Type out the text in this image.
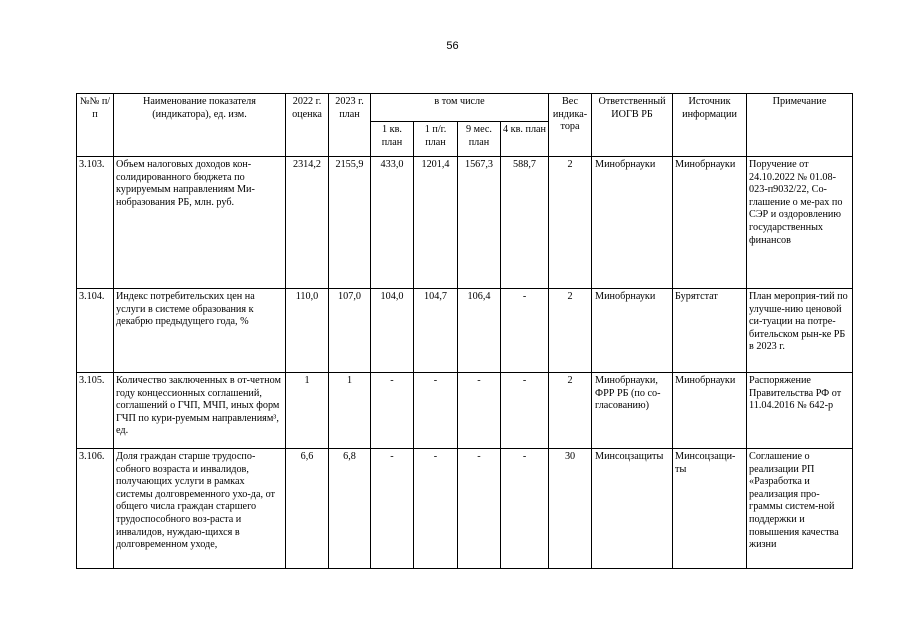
56
№№ п/п	Наименование показателя (индикатора), ед. изм.	2022 г. оценка	2023 г. план	в том числе				Вес индика-тора	Ответственный ИОГВ РБ	Источник информации	Примечание
				1 кв. план	1 п/г. план	9 мес. план	4 кв. план				
3.103.	Объем налоговых доходов кон-солидированного бюджета по курируемым направлениям Ми-нобразования РБ, млн. руб.	2314,2	2155,9	433,0	1201,4	1567,3	588,7	2	Минобрнауки	Минобрнауки	Поручение от 24.10.2022 № 01.08-023-п9032/22, Со-глашение о ме-рах по СЭР и оздоровлению государственных финансов
3.104.	Индекс потребительских цен на услуги в системе образования к декабрю предыдущего года, %	110,0	107,0	104,0	104,7	106,4	-	2	Минобрнауки	Бурятстат	План мероприя-тий по улучше-нию ценовой си-туации на потре-бительском рын-ке РБ в 2023 г.
3.105.	Количество заключенных в от-четном году концессионных соглашений, соглашений о ГЧП, МЧП, иных форм ГЧП по кури-руемым направлениям³, ед.	1	1	-	-	-	-	2	Минобрнауки, ФРР РБ (по со-гласованию)	Минобрнауки	Распоряжение Правительства РФ от 11.04.2016 № 642-р
3.106.	Доля граждан старше трудоспо-собного возраста и инвалидов, получающих услуги в рамках системы долговременного ухо-да, от общего числа граждан старшего трудоспособного воз-раста и инвалидов, нуждаю-щихся в долговременном уходе,	6,6	6,8	-	-	-	-	30	Минсоцзащиты	Минсоцзащи-ты	Соглашение о реализации РП «Разработка и реализация про-граммы систем-ной поддержки и повышения качества жизни
